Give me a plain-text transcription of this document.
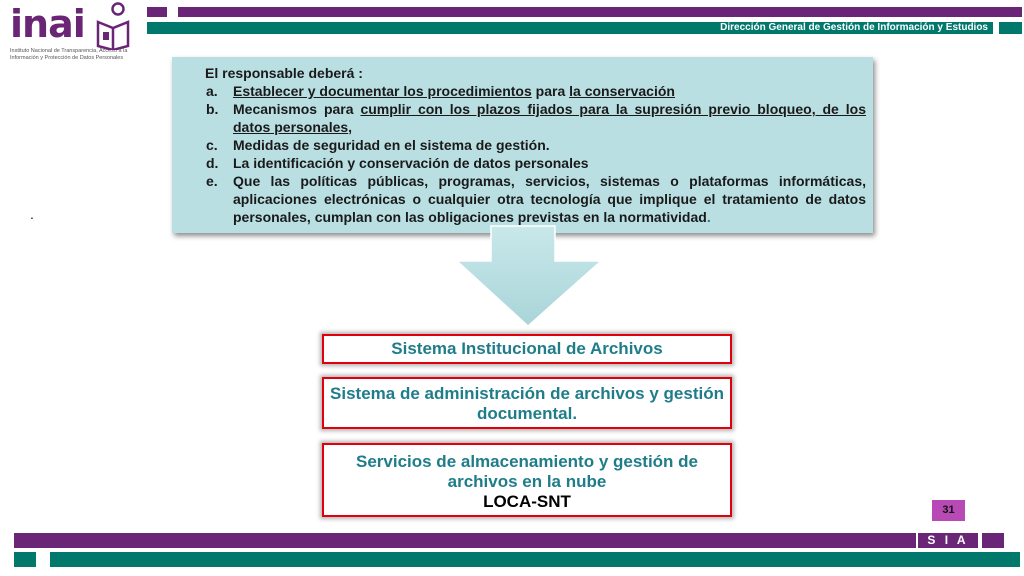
inai
Instituto Nacional de Transparencia, Acceso a la Información y Protección de Datos Personales
Dirección General de Gestión de Información y Estudios
El responsable deberá :
a. Establecer y documentar los procedimientos para la conservación
b. Mecanismos para cumplir con los plazos fijados para la supresión previo bloqueo, de los datos personales,
c. Medidas de seguridad en el sistema de gestión.
d. La identificación y conservación de datos personales
e. Que las políticas públicas, programas, servicios, sistemas o plataformas informáticas, aplicaciones electrónicas o cualquier otra tecnología que implique el tratamiento de datos personales, cumplan con las obligaciones previstas en la normatividad.
.
Sistema Institucional de Archivos
Sistema de administración de archivos y gestión documental.
Servicios de almacenamiento y gestión de archivos en la nube
LOCA-SNT	31
S I A
